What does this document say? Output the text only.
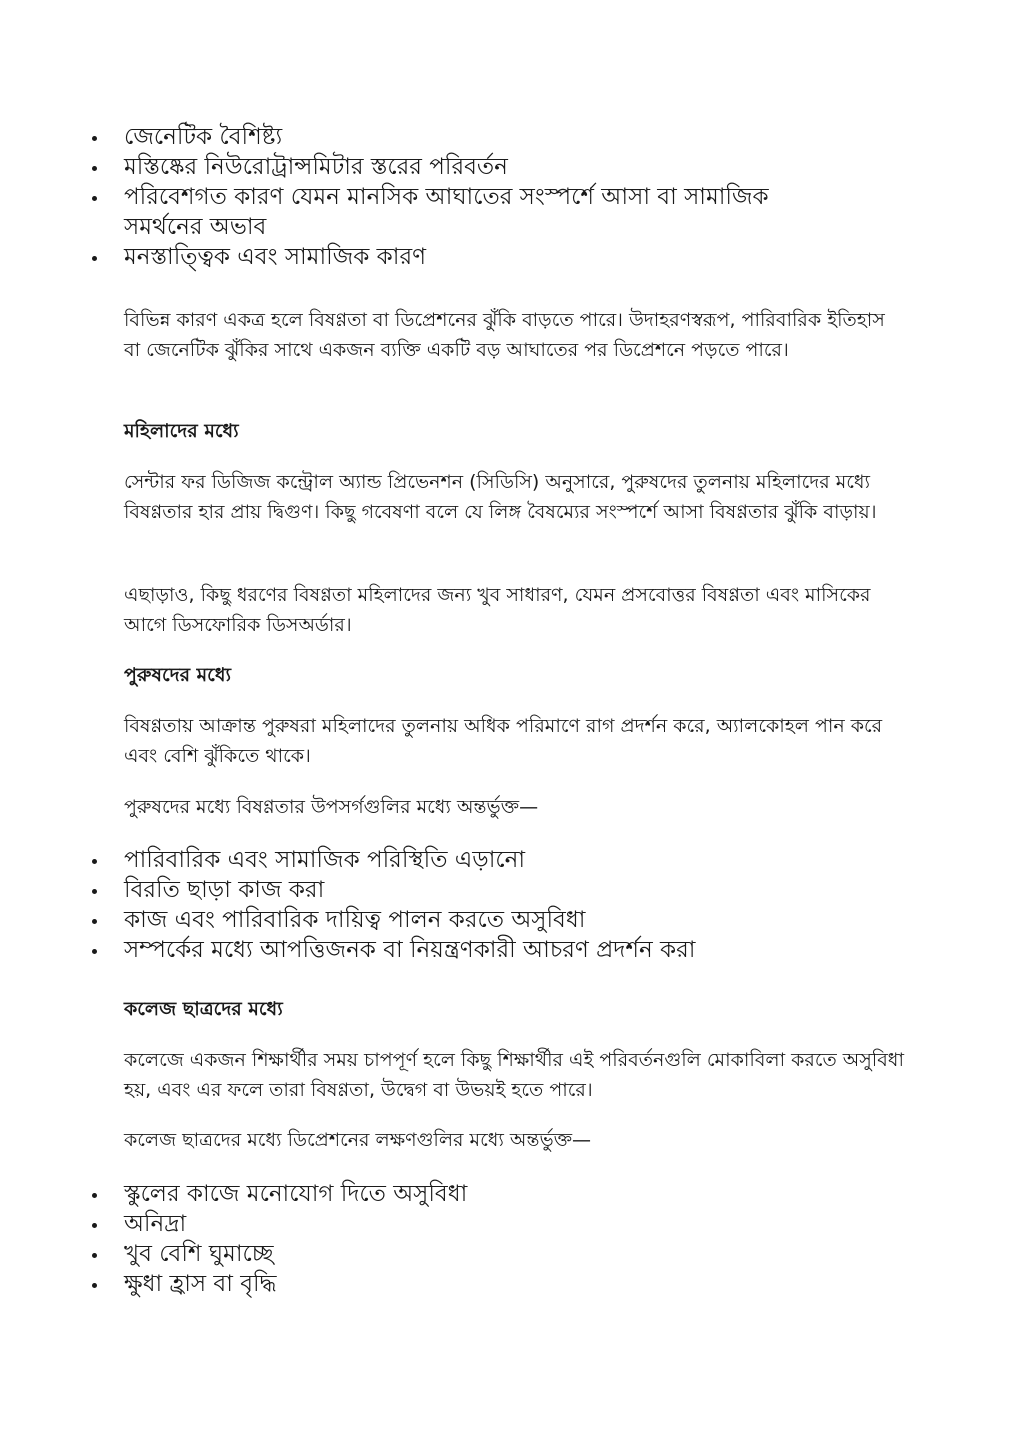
জেনেটিক বৈশিষ্ট্য
মস্তিষ্কের নিউরোট্রান্সমিটার স্তরের পরিবর্তন
পরিবেশগত কারণ যেমন মানসিক আঘাতের সংস্পর্শে আসা বা সামাজিক সমর্থনের অভাব
মনস্তাত্ত্বিক এবং সামাজিক কারণ

বিভিন্ন কারণ একত্র হলে বিষণ্ণতা বা ডিপ্রেশনের ঝুঁকি বাড়তে পারে। উদাহরণস্বরূপ, পারিবারিক ইতিহাস বা জেনেটিক ঝুঁকির সাথে একজন ব্যক্তি একটি বড় আঘাতের পর ডিপ্রেশনে পড়তে পারে।

মহিলাদের মধ্যে

সেন্টার ফর ডিজিজ কন্ট্রোল অ্যান্ড প্রিভেনশন (সিডিসি) অনুসারে, পুরুষদের তুলনায় মহিলাদের মধ্যে বিষণ্ণতার হার প্রায় দ্বিগুণ। কিছু গবেষণা বলে যে লিঙ্গ বৈষম্যের সংস্পর্শে আসা বিষণ্ণতার ঝুঁকি বাড়ায়।

এছাড়াও, কিছু ধরণের বিষণ্ণতা মহিলাদের জন্য খুব সাধারণ, যেমন প্রসবোত্তর বিষণ্ণতা এবং মাসিকের আগে ডিসফোরিক ডিসঅর্ডার।

পুরুষদের মধ্যে

বিষণ্ণতায় আক্রান্ত পুরুষরা মহিলাদের তুলনায় অধিক পরিমাণে রাগ প্রদর্শন করে, অ্যালকোহল পান করে এবং বেশি ঝুঁকিতে থাকে।

পুরুষদের মধ্যে বিষণ্ণতার উপসর্গগুলির মধ্যে অন্তর্ভুক্ত—

পারিবারিক এবং সামাজিক পরিস্থিতি এড়ানো
বিরতি ছাড়া কাজ করা
কাজ এবং পারিবারিক দায়িত্ব পালন করতে অসুবিধা
সম্পর্কের মধ্যে আপত্তিজনক বা নিয়ন্ত্রণকারী আচরণ প্রদর্শন করা
কলেজ ছাত্রদের মধ্যে

কলেজে একজন শিক্ষার্থীর সময় চাপপূর্ণ হলে কিছু শিক্ষার্থীর এই পরিবর্তনগুলি মোকাবিলা করতে অসুবিধা হয়, এবং এর ফলে তারা বিষণ্ণতা, উদ্বেগ বা উভয়ই হতে পারে।

কলেজ ছাত্রদের মধ্যে ডিপ্রেশনের লক্ষণগুলির মধ্যে অন্তর্ভুক্ত—

স্কুলের কাজে মনোযোগ দিতে অসুবিধা
অনিদ্রা
খুব বেশি ঘুমাচ্ছে
ক্ষুধা হ্রাস বা বৃদ্ধি
